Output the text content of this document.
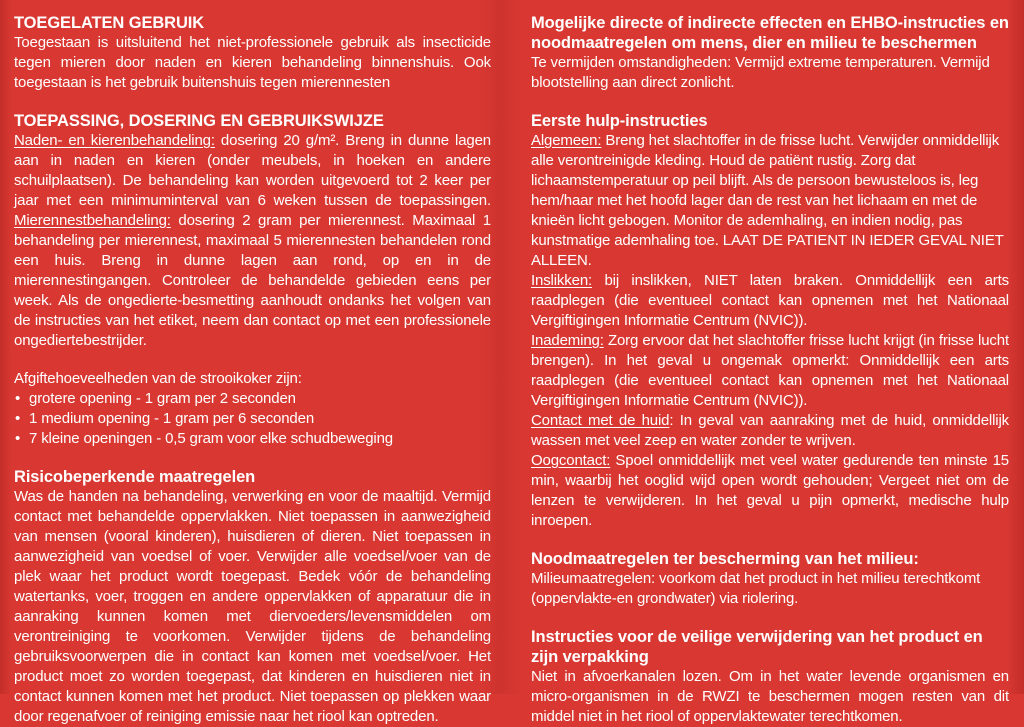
TOEGELATEN GEBRUIK

Toegestaan is uitsluitend het niet-professionele gebruik als insecticide tegen mieren door naden en kieren behandeling binnenshuis. Ook toegestaan is het gebruik buitenshuis tegen mierennesten

TOEPASSING, DOSERING EN GEBRUIKSWIJZE

Naden- en kierenbehandeling: dosering 20 g/m². Breng in dunne lagen aan in naden en kieren (onder meubels, in hoeken en andere schuilplaatsen). De behandeling kan worden uitgevoerd tot 2 keer per jaar met een minimuminterval van 6 weken tussen de toepassingen. Mierennestbehandeling: dosering 2 gram per mierennest. Maximaal 1 behandeling per mierennest, maximaal 5 mierennesten behandelen rond een huis. Breng in dunne lagen aan rond, op en in de mierennestingangen. Controleer de behandelde gebieden eens per week. Als de ongedierte-besmetting aanhoudt ondanks het volgen van de instructies van het etiket, neem dan contact op met een professionele ongediertebestrijder.

Afgiftehoeveelheden van de strooikoker zijn:

• grotere opening - 1 gram per 2 seconden
• 1 medium opening - 1 gram per 6 seconden
• 7 kleine openingen - 0,5 gram voor elke schudbeweging
Risicobeperkende maatregelen

Was de handen na behandeling, verwerking en voor de maaltijd. Vermijd contact met behandelde oppervlakken. Niet toepassen in aanwezigheid van mensen (vooral kinderen), huisdieren of dieren. Niet toepassen in aanwezigheid van voedsel of voer. Verwijder alle voedsel/voer van de plek waar het product wordt toegepast. Bedek vóór de behandeling watertanks, voer, troggen en andere oppervlakken of apparatuur die in aanraking kunnen komen met diervoeders/levensmiddelen om verontreiniging te voorkomen. Verwijder tijdens de behandeling gebruiksvoorwerpen die in contact kan komen met voedsel/voer. Het product moet zo worden toegepast, dat kinderen en huisdieren niet in contact kunnen komen met het product. Niet toepassen op plekken waar door regenafvoer of reiniging emissie naar het riool kan optreden.

Mogelijke directe of indirecte effecten en EHBO-instructies en noodmaatregelen om mens, dier en milieu te beschermen

Te vermijden omstandigheden: Vermijd extreme temperaturen. Vermijd blootstelling aan direct zonlicht.

Eerste hulp-instructies

Algemeen: Breng het slachtoffer in de frisse lucht. Verwijder onmiddellijk alle verontreinigde kleding. Houd de patiënt rustig. Zorg dat lichaamstemperatuur op peil blijft. Als de persoon bewusteloos is, leg hem/haar met het hoofd lager dan de rest van het lichaam en met de knieën licht gebogen. Monitor de ademhaling, en indien nodig, pas kunstmatige ademhaling toe. LAAT DE PATIENT IN IEDER GEVAL NIET ALLEEN.

Inslikken: bij inslikken, NIET laten braken. Onmiddellijk een arts raadplegen (die eventueel contact kan opnemen met het Nationaal Vergiftigingen Informatie Centrum (NVIC)).

Inademing: Zorg ervoor dat het slachtoffer frisse lucht krijgt (in frisse lucht brengen). In het geval u ongemak opmerkt: Onmiddellijk een arts raadplegen (die eventueel contact kan opnemen met het Nationaal Vergiftigingen Informatie Centrum (NVIC)).

Contact met de huid: In geval van aanraking met de huid, onmiddellijk wassen met veel zeep en water zonder te wrijven.

Oogcontact: Spoel onmiddellijk met veel water gedurende ten minste 15 min, waarbij het ooglid wijd open wordt gehouden; Vergeet niet om de lenzen te verwijderen. In het geval u pijn opmerkt, medische hulp inroepen.

Noodmaatregelen ter bescherming van het milieu:

Milieumaatregelen: voorkom dat het product in het milieu terechtkomt (oppervlakte-en grondwater) via riolering.

Instructies voor de veilige verwijdering van het product en zijn verpakking

Niet in afvoerkanalen lozen. Om in het water levende organismen en micro-organismen in de RWZI te beschermen mogen resten van dit middel niet in het riool of oppervlaktewater terechtkomen.
